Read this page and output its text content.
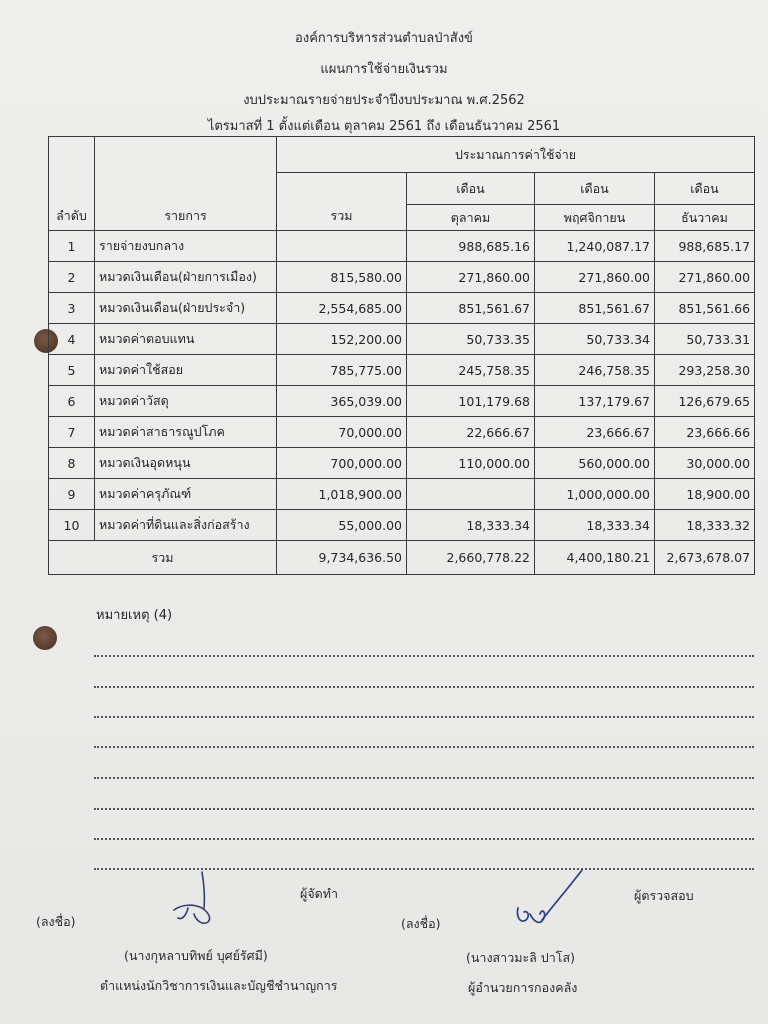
องค์การบริหารส่วนตำบลป่าสังข์
แผนการใช้จ่ายเงินรวม
งบประมาณรายจ่ายประจำปีงบประมาณ พ.ศ.2562
ไตรมาสที่ 1 ตั้งแต่เดือน ตุลาคม 2561 ถึง เดือนธันวาคม 2561
ลำดับ	รายการ	ประมาณการค่าใช้จ่าย			
		รวม	เดือน	เดือน	เดือน
			ตุลาคม	พฤศจิกายน	ธันวาคม
1	รายจ่ายงบกลาง		988,685.16	1,240,087.17	988,685.17
2	หมวดเงินเดือน(ฝ่ายการเมือง)	815,580.00	271,860.00	271,860.00	271,860.00
3	หมวดเงินเดือน(ฝ่ายประจำ)	2,554,685.00	851,561.67	851,561.67	851,561.66
4	หมวดค่าตอบแทน	152,200.00	50,733.35	50,733.34	50,733.31
5	หมวดค่าใช้สอย	785,775.00	245,758.35	246,758.35	293,258.30
6	หมวดค่าวัสดุ	365,039.00	101,179.68	137,179.67	126,679.65
7	หมวดค่าสาธารณูปโภค	70,000.00	22,666.67	23,666.67	23,666.66
8	หมวดเงินอุดหนุน	700,000.00	110,000.00	560,000.00	30,000.00
9	หมวดค่าครุภัณฑ์	1,018,900.00		1,000,000.00	18,900.00
10	หมวดค่าที่ดินและสิ่งก่อสร้าง	55,000.00	18,333.34	18,333.34	18,333.32
รวม		9,734,636.50	2,660,778.22	4,400,180.21	2,673,678.07
หมายเหตุ (4)
ผู้จัดทำ	ผู้ตรวจสอบ
(ลงชื่อ)	(ลงชื่อ)
(นางกุหลาบทิพย์ บุศย์รัศมี)	(นางสาวมะลิ ปาโส)
ตำแหน่งนักวิชาการเงินและบัญชีชำนาญการ	ผู้อำนวยการกองคลัง
